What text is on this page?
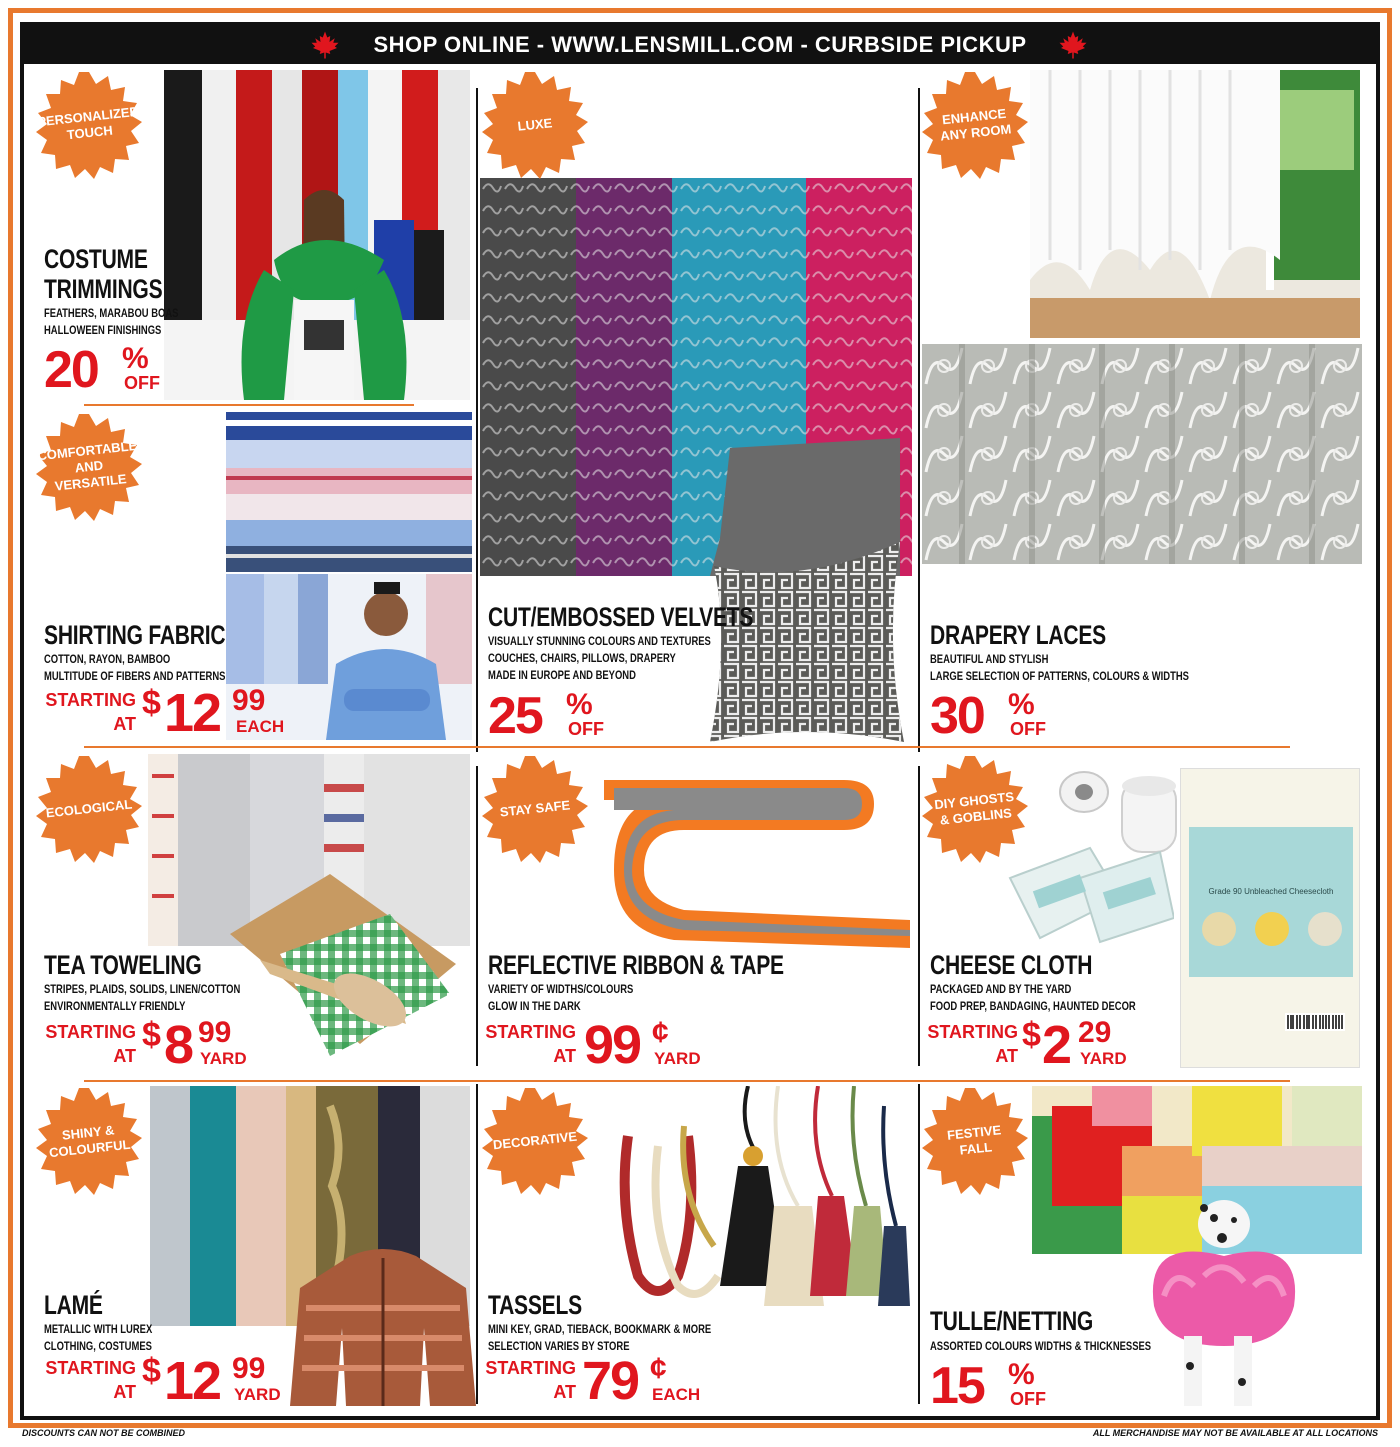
SHOP ONLINE - WWW.LENSMILL.COM - CURBSIDE PICKUP
PERSONALIZED TOUCH
COSTUME
TRIMMINGS
FEATHERS, MARABOU BOAS
HALLOWEEN FINISHINGS
20 %
OFF
COMFORTABLE AND VERSATILE
SHIRTING FABRIC
COTTON, RAYON, BAMBOO
MULTITUDE OF FIBERS AND PATTERNS
STARTING
AT
$ 12 99
EACH
LUXE
CUT/EMBOSSED VELVETS
VISUALLY STUNNING COLOURS AND TEXTURES
COUCHES, CHAIRS, PILLOWS, DRAPERY
MADE IN EUROPE AND BEYOND
25 %
OFF
ENHANCE ANY ROOM
DRAPERY LACES
BEAUTIFUL AND STYLISH
LARGE SELECTION OF PATTERNS, COLOURS & WIDTHS
30 %
OFF
ECOLOGICAL
TEA TOWELING
STRIPES, PLAIDS, SOLIDS, LINEN/COTTON
ENVIRONMENTALLY FRIENDLY
STARTING
AT
$ 8 99
YARD
STAY SAFE
REFLECTIVE RIBBON & TAPE
VARIETY OF WIDTHS/COLOURS
GLOW IN THE DARK
STARTING
AT 99 ¢
YARD
Grade 90 Unbleached Cheesecloth
DIY GHOSTS & GOBLINS
CHEESE CLOTH
PACKAGED AND BY THE YARD
FOOD PREP, BANDAGING, HAUNTED DECOR
STARTING
AT
$ 2 29
YARD
SHINY & COLOURFUL
LAMÉ
METALLIC WITH LUREX
CLOTHING, COSTUMES
STARTING
AT
$ 12 99
YARD
DECORATIVE
TASSELS
MINI KEY, GRAD, TIEBACK, BOOKMARK & MORE
SELECTION VARIES BY STORE
STARTING
AT 79 ¢
EACH
FESTIVE FALL
TULLE/NETTING
ASSORTED COLOURS WIDTHS & THICKNESSES
15 %
OFF
DISCOUNTS CAN NOT BE COMBINED	ALL MERCHANDISE MAY NOT BE AVAILABLE AT ALL LOCATIONS
